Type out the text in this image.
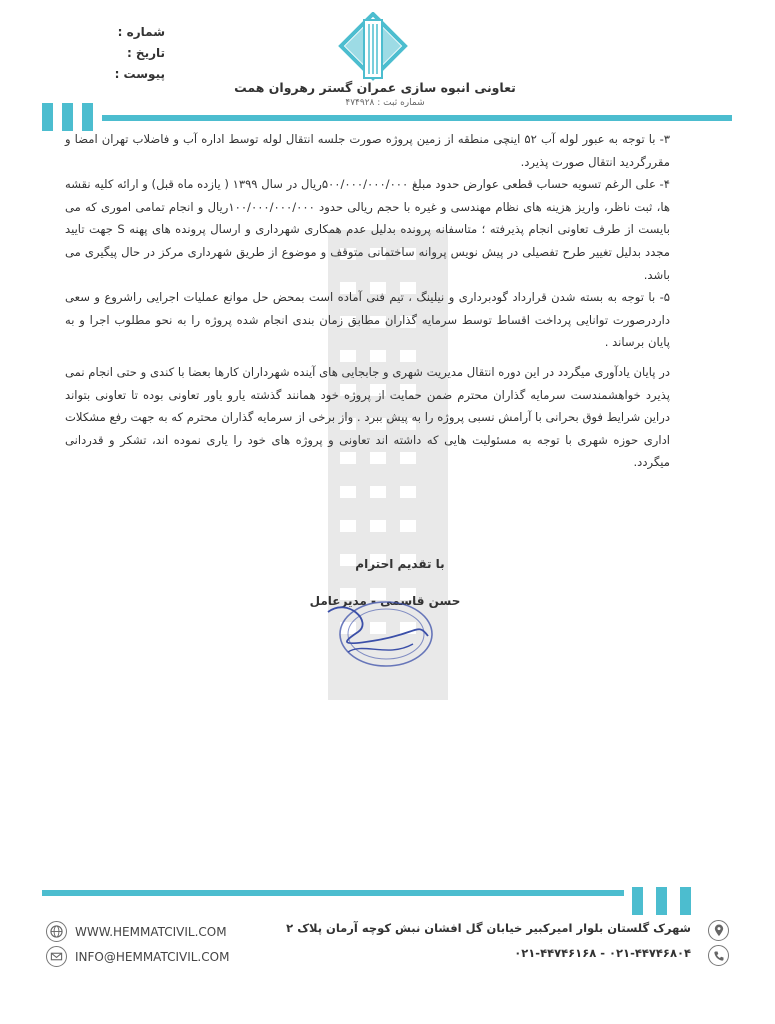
شماره :
تاریخ :
پیوست :
تعاونی انبوه سازی عمران گستر رهروان همت
شماره ثبت : ۴۷۴۹۲۸

۳- با توجه به عبور لوله آب ۵۲ اینچی منطقه از زمین پروژه صورت جلسه انتقال لوله توسط اداره آب و فاضلاب تهران امضا و مقررگردید انتقال صورت پذیرد.

۴- علی الرغم تسویه حساب قطعی عوارض حدود مبلغ ۵۰۰/۰۰۰/۰۰۰/۰۰۰ریال در سال ۱۳۹۹ ( یازده ماه قبل) و ارائه کلیه نقشه ها، ثبت ناظر، واریز هزینه های نظام مهندسی و غیره با حجم ریالی حدود ۱۰۰/۰۰۰/۰۰۰/۰۰۰ریال و انجام تمامی اموری که می بایست از طرف تعاونی انجام پذیرفته ؛ متاسفانه پرونده بدلیل عدم همکاری شهرداری و ارسال پرونده های پهنه S جهت تایید مجدد بدلیل تغییر طرح تفصیلی در پیش نویس پروانه ساختمانی متوقف و موضوع از طریق شهرداری مرکز در حال پیگیری می باشد.

۵- با توجه به بسته شدن قرارداد گودبرداری و نیلینگ ، تیم فنی آماده است بمحض حل موانع عملیات اجرایی راشروع و سعی داردرصورت توانایی پرداخت اقساط توسط سرمایه گذاران مطابق زمان بندی انجام شده پروژه را به نحو مطلوب اجرا و به پایان برساند .

در پایان یادآوری میگردد در این دوره انتقال مدیریت شهری و جابجایی های آینده شهرداران کارها بعضا با کندی و حتی انجام نمی پذیرد خواهشمندست سرمایه گذاران محترم ضمن حمایت از پروژه خود همانند گذشته یارو یاور تعاونی بوده تا تعاونی بتواند دراین شرایط فوق بحرانی با آرامش نسبی پروژه را به پیش ببرد . واز برخی از سرمایه گذاران محترم که به جهت رفع مشکلات اداری حوزه شهری با توجه به مسئولیت هایی که داشته اند تعاونی و پروژه های خود را یاری نموده اند، تشکر و قدردانی میگردد.

با تقدیم احترام
حسن قاسمی - مدیرعامل
WWW.HEMMATCIVIL.COM
INFO@HEMMATCIVIL.COM
شهرک گلستان بلوار امیرکبیر خیابان گل افشان نبش کوچه آرمان پلاک ۲
۰۲۱-۴۴۷۴۶۸۰۴ - ۰۲۱-۴۴۷۴۶۱۶۸
